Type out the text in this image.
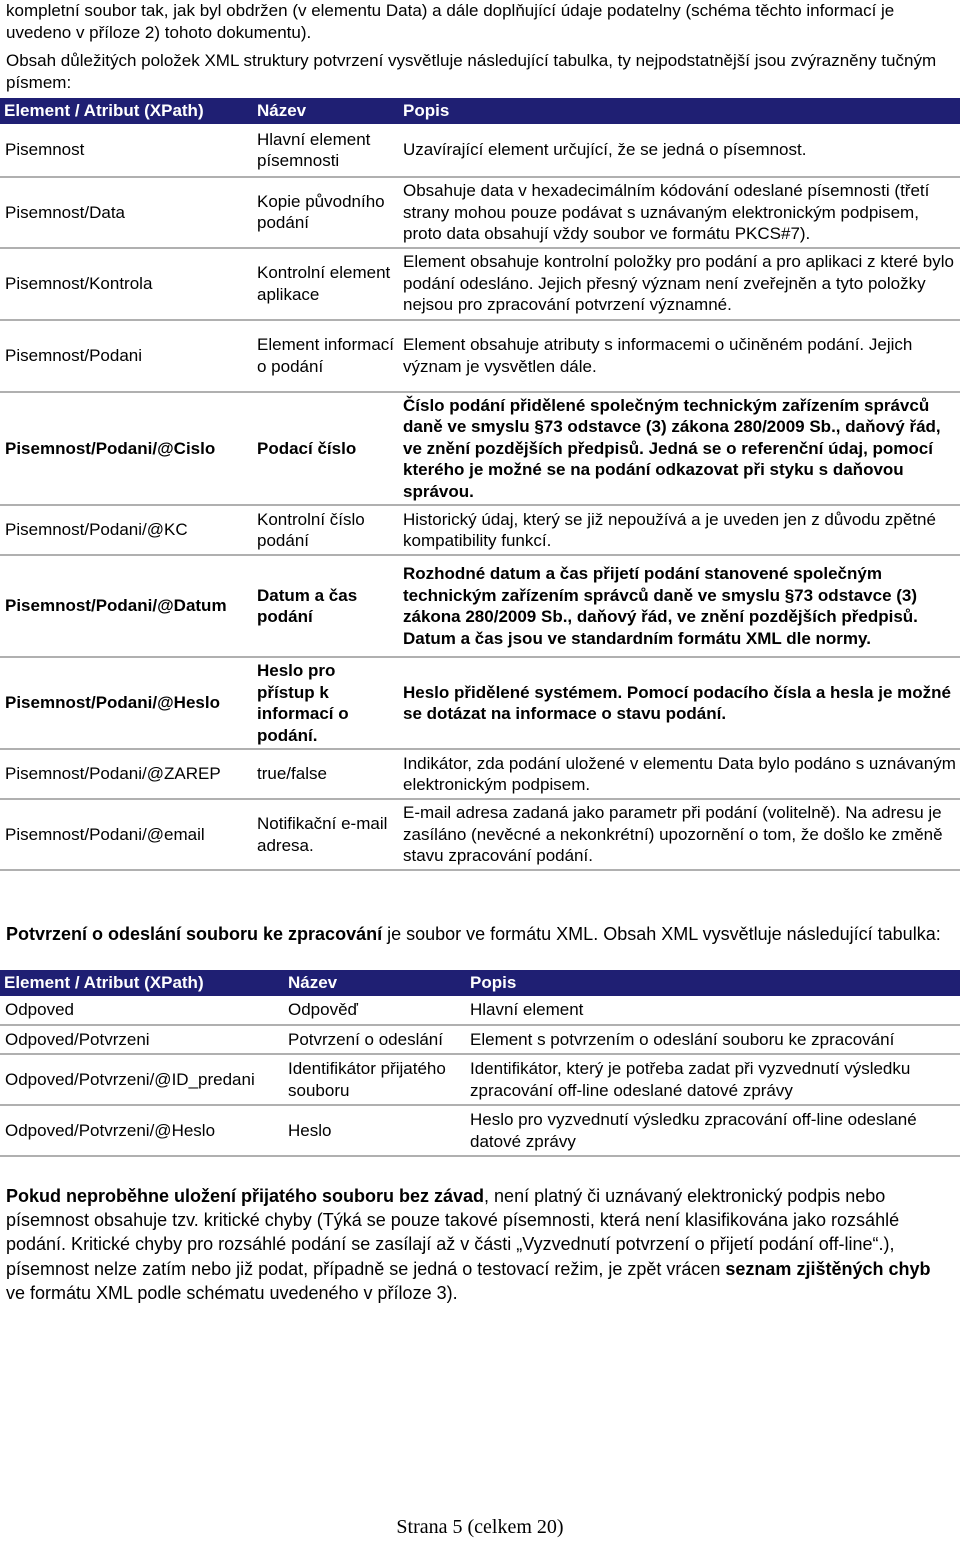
kompletní soubor tak, jak byl obdržen (v elementu Data) a dále doplňující údaje podatelny (schéma těchto informací je uvedeno v příloze 2) tohoto dokumentu).

Obsah důležitých položek XML struktury potvrzení vysvětluje následující tabulka, ty nejpodstatnější jsou zvýrazněny tučným písmem:

Element / Atribut (XPath)	Název	Popis
Pisemnost	Hlavní element písemnosti	Uzavírající element určující, že se jedná o písemnost.
Pisemnost/Data	Kopie původního podání	Obsahuje data v hexadecimálním kódování odeslané písemnosti (třetí strany mohou pouze podávat s uznávaným elektronickým podpisem, proto data obsahují vždy soubor ve formátu PKCS#7).
Pisemnost/Kontrola	Kontrolní element aplikace	Element obsahuje kontrolní položky pro podání a pro aplikaci z které bylo podání odesláno. Jejich přesný význam není zveřejněn a tyto položky nejsou pro zpracování potvrzení významné.
Pisemnost/Podani	Element informací o podání	Element obsahuje atributy s informacemi o učiněném podání. Jejich význam je vysvětlen dále.
Pisemnost/Podani/@Cislo	Podací číslo	Číslo podání přidělené společným technickým zařízením správců daně ve smyslu §73 odstavce (3) zákona 280/2009 Sb., daňový řád, ve znění pozdějších předpisů. Jedná se o referenční údaj, pomocí kterého je možné se na podání odkazovat při styku s daňovou správou.
Pisemnost/Podani/@KC	Kontrolní číslo podání	Historický údaj, který se již nepoužívá a je uveden jen z důvodu zpětné kompatibility funkcí.
Pisemnost/Podani/@Datum	Datum a čas podání	Rozhodné datum a čas přijetí podání stanovené společným technickým zařízením správců daně ve smyslu §73 odstavce (3) zákona 280/2009 Sb., daňový řád, ve znění pozdějších předpisů. Datum a čas jsou ve standardním formátu XML dle normy.
Pisemnost/Podani/@Heslo	Heslo pro přístup k informací o podání.	Heslo přidělené systémem. Pomocí podacího čísla a hesla je možné se dotázat na informace o stavu podání.
Pisemnost/Podani/@ZAREP	true/false	Indikátor, zda podání uložené v elementu Data bylo podáno s uznávaným elektronickým podpisem.
Pisemnost/Podani/@email	Notifikační e-mail adresa.	E-mail adresa zadaná jako parametr při podání (volitelně). Na adresu je zasíláno (nevěcné a nekonkrétní) upozornění o tom, že došlo ke změně stavu zpracování podání.

Potvrzení o odeslání souboru ke zpracování je soubor ve formátu XML. Obsah XML vysvětluje následující tabulka:

Element / Atribut (XPath)	Název	Popis
Odpoved	Odpověď	Hlavní element
Odpoved/Potvrzeni	Potvrzení o odeslání	Element s potvrzením o odeslání souboru ke zpracování
Odpoved/Potvrzeni/@ID_predani	Identifikátor přijatého souboru	Identifikátor, který je potřeba zadat při vyzvednutí výsledku zpracování off-line odeslané datové zprávy
Odpoved/Potvrzeni/@Heslo	Heslo	Heslo pro vyzvednutí výsledku zpracování off-line odeslané datové zprávy

Pokud neproběhne uložení přijatého souboru bez závad, není platný či uznávaný elektronický podpis nebo písemnost obsahuje tzv. kritické chyby (Týká se pouze takové písemnosti, která není klasifikována jako rozsáhlé podání. Kritické chyby pro rozsáhlé podání se zasílají až v části „Vyzvednutí potvrzení o přijetí podání off-line“.), písemnost nelze zatím nebo již podat, případně se jedná o testovací režim, je zpět vrácen seznam zjištěných chyb ve formátu XML podle schématu uvedeného v příloze 3).

Strana 5 (celkem 20)
